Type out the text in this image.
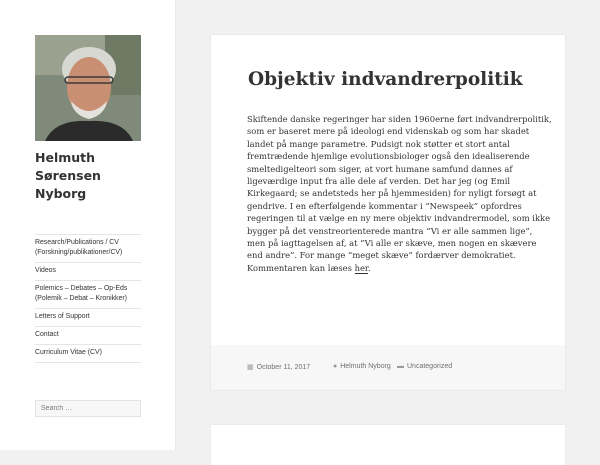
Helmuth
Sørensen
Nyborg
Research/Publications / CV
(Forskning/publikationer/CV)
Videos
Polemics – Debates – Op-Eds
(Polemik – Debat – Kronikker)
Letters of Support
Contact
Curriculum Vitae (CV)
Search …
Objektiv indvandrerpolitik

Skiftende danske regeringer har siden 1960erne ført indvandrerpolitik, som er baseret mere på ideologi end videnskab og som har skadet landet på mange parametre. Pudsigt nok støtter et stort antal fremtrædende hjemlige evolutionsbiologer også den idealiserende smeltedigelteori som siger, at vort humane samfund dannes af ligeværdige input fra alle dele af verden. Det har jeg (og Emil Kirkegaard; se andetsteds her på hjemmesiden) for nyligt forsøgt at gendrive. I en efterfølgende kommentar i “Newspeek” opfordres regeringen til at vælge en ny mere objektiv indvandrermodel, som ikke bygger på det venstreorienterede mantra “Vi er alle sammen lige”, men på iagttagelsen af, at “Vi alle er skæve, men nogen en skævere end andre”. For mange “meget skæve” fordærver demokratiet. Kommentaren kan læses her.

▦ October 11, 2017	● Helmuth Nyborg ▬ Uncategorized
